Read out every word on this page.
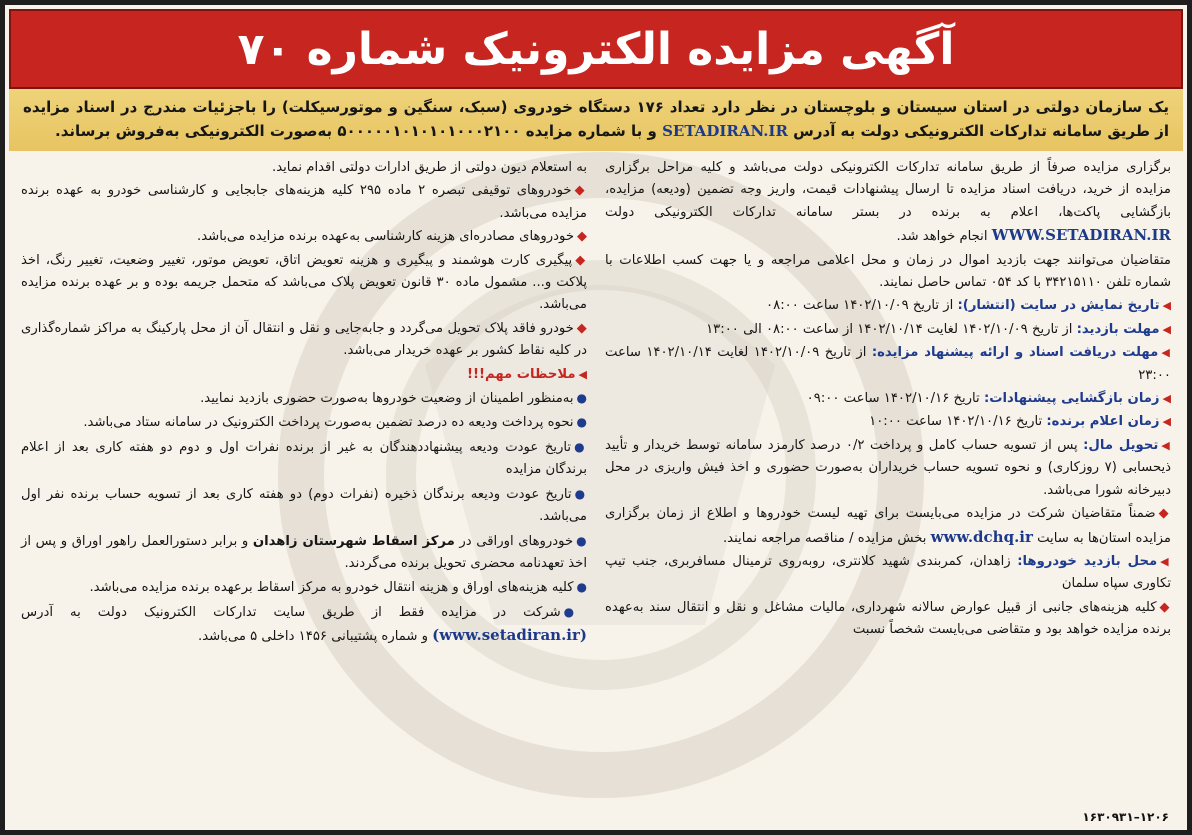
آگهی مزایده الکترونیک شماره ۷۰
یک سازمان دولتی در استان سیستان و بلوچستان در نظر دارد تعداد ۱۷۶ دستگاه خودروی (سبک، سنگین و موتورسیکلت) را باجزئیات مندرج در اسناد مزایده از طریق سامانه تدارکات الکترونیکی دولت به آدرس SETADIRAN.IR و با شماره مزایده ۵۰۰۰۰۰۱۰۱۰۱۰۱۰۰۰۲۱۰۰ به‌صورت الکترونیکی به‌فروش برساند.

برگزاری مزایده صرفاً از طریق سامانه تدارکات الکترونیکی دولت می‌باشد و کلیه مراحل برگزاری مزایده از خرید، دریافت اسناد مزایده تا ارسال پیشنهادات قیمت، واریز وجه تضمین (ودیعه) مزایده، بازگشایی پاکت‌ها، اعلام به برنده در بستر سامانه تدارکات الکترونیکی دولت WWW.SETADIRAN.IR انجام خواهد شد.

متقاضیان می‌توانند جهت بازدید اموال در زمان و محل اعلامی مراجعه و یا جهت کسب اطلاعات با شماره تلفن ۳۴۲۱۵۱۱۰ با کد ۰۵۴ تماس حاصل نمایند.

◀تاریخ نمایش در سایت (انتشار): از تاریخ ۱۴۰۲/۱۰/۰۹ ساعت ۰۸:۰۰

◀مهلت بازدید: از تاریخ ۱۴۰۲/۱۰/۰۹ لغایت ۱۴۰۲/۱۰/۱۴ از ساعت ۰۸:۰۰ الی ۱۳:۰۰

◀مهلت دریافت اسناد و ارائه پیشنهاد مزایده: از تاریخ ۱۴۰۲/۱۰/۰۹ لغایت ۱۴۰۲/۱۰/۱۴ ساعت ۲۳:۰۰

◀زمان بازگشایی پیشنهادات: تاریخ ۱۴۰۲/۱۰/۱۶ ساعت ۰۹:۰۰

◀زمان اعلام برنده: تاریخ ۱۴۰۲/۱۰/۱۶ ساعت ۱۰:۰۰

◀تحویل مال: پس از تسویه حساب کامل و پرداخت ۰/۲ درصد کارمزد سامانه توسط خریدار و تأیید ذیحسابی (۷ روزکاری) و نحوه تسویه حساب خریداران به‌صورت حضوری و اخذ فیش واریزی در محل دبیرخانه شورا می‌باشد.

◆ضمناً متقاضیان شرکت در مزایده می‌بایست برای تهیه لیست خودروها و اطلاع از زمان برگزاری مزایده استان‌ها به سایت www.dchq.ir بخش مزایده / مناقصه مراجعه نمایند.

◀محل بازدید خودروها: زاهدان، کمربندی شهید کلانتری، روبه‌روی ترمینال مسافربری، جنب تیپ تکاوری سپاه سلمان

◆کلیه هزینه‌های جانبی از قبیل عوارض سالانه شهرداری، مالیات مشاغل و نقل و انتقال سند به‌عهده برنده مزایده خواهد بود و متقاضی می‌بایست شخصاً نسبت

به استعلام دیون دولتی از طریق ادارات دولتی اقدام نماید.

◆خودروهای توقیفی تبصره ۲ ماده ۲۹۵ کلیه هزینه‌های جابجایی و کارشناسی خودرو به عهده برنده مزایده می‌باشد.

◆خودروهای مصادره‌ای هزینه کارشناسی به‌عهده برنده مزایده می‌باشد.

◆پیگیری کارت هوشمند و پیگیری و هزینه تعویض اتاق، تعویض موتور، تغییر وضعیت، تغییر رنگ، اخذ پلاکت و... مشمول ماده ۳۰ قانون تعویض پلاک می‌باشد که متحمل جریمه بوده و بر عهده برنده مزایده می‌باشد.

◆خودرو فاقد پلاک تحویل می‌گردد و جابه‌جایی و نقل و انتقال آن از محل پارکینگ به مراکز شماره‌گذاری در کلیه نقاط کشور بر عهده خریدار می‌باشد.

◀ملاحظات مهم!!!

●به‌منظور اطمینان از وضعیت خودروها به‌صورت حضوری بازدید نمایید.

●نحوه پرداخت ودیعه ده درصد تضمین به‌صورت پرداخت الکترونیک در سامانه ستاد می‌باشد.

●تاریخ عودت ودیعه پیشنهاددهندگان به غیر از برنده نفرات اول و دوم دو هفته کاری بعد از اعلام برندگان مزایده

●تاریخ عودت ودیعه برندگان ذخیره (نفرات دوم) دو هفته کاری بعد از تسویه حساب برنده نفر اول می‌باشد.

●خودروهای اوراقی در مرکز اسقاط شهرستان زاهدان و برابر دستورالعمل راهور اوراق و پس از اخذ تعهدنامه محضری تحویل برنده می‌گردند.

●کلیه هزینه‌های اوراق و هزینه انتقال خودرو به مرکز اسقاط برعهده برنده مزایده می‌باشد.

●شرکت در مزایده فقط از طریق سایت تدارکات الکترونیک دولت به آدرس (www.setadiran.ir) و شماره پشتیبانی ۱۴۵۶ داخلی ۵ می‌باشد.

۱۲۰۶–۱۶۳۰۹۳۱
